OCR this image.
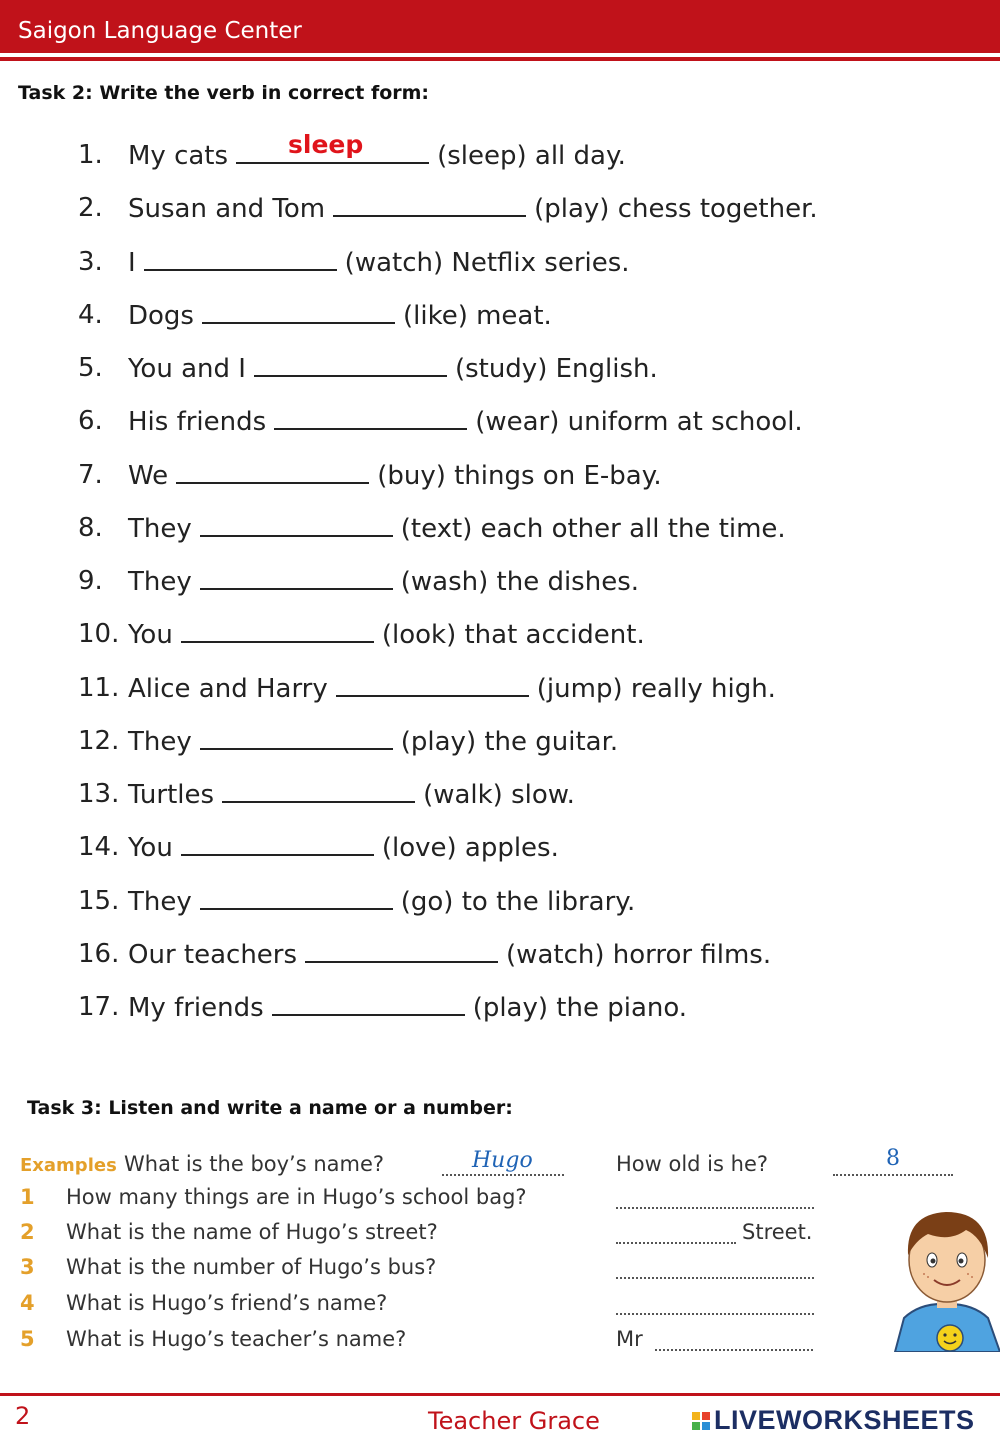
Saigon Language Center
Task 2: Write the verb in correct form:
1. My cats	(sleep) all day.
2. Susan and Tom	(play) chess together.
3. I	(watch) Netflix series.
4. Dogs	(like) meat.
5. You and I	(study) English.
6. His friends	(wear) uniform at school.
7. We	(buy) things on E-bay.
8. They	(text) each other all the time.
9. They	(wash) the dishes.
10. You	(look) that accident.
11. Alice and Harry	(jump) really high.
12. They	(play) the guitar.
13. Turtles	(walk) slow.
14. You	(love) apples.
15. They	(go) to the library.
16. Our teachers	(watch) horror films.
17. My friends	(play) the piano.
sleep
Task 3: Listen and write a name or a number:
Examples What is the boy’s name?	Hugo	How old is he?	8
1 How many things are in Hugo’s school bag?
2 What is the name of Hugo’s street?	Street.
3 What is the number of Hugo’s bus?
4 What is Hugo’s friend’s name?
5 What is Hugo’s teacher’s name?	Mr
2	Teacher Grace	LIVEWORKSHEETS
